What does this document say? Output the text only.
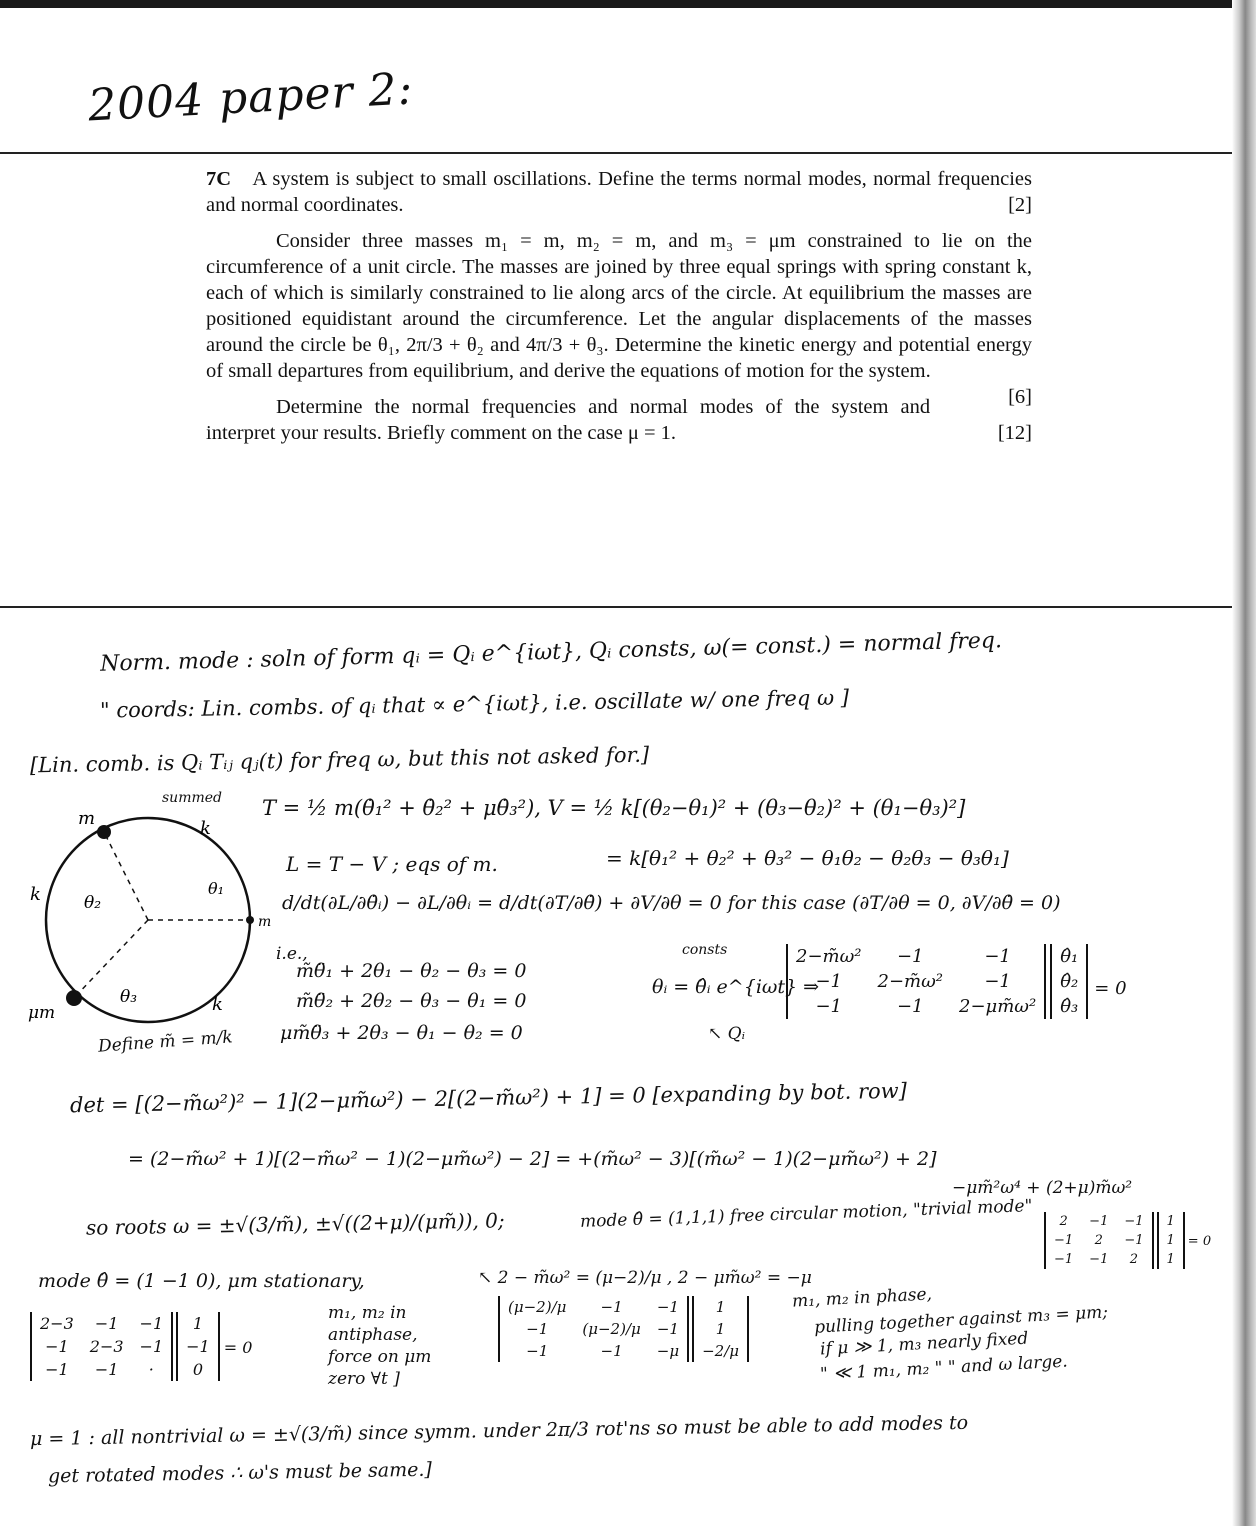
2004 paper 2:

7C A system is subject to small oscillations. Define the terms normal modes, normal frequencies and normal coordinates.	[2]

Consider three masses m₁ = m, m₂ = m, and m₃ = μm constrained to lie on the circumference of a unit circle. The masses are joined by three equal springs with spring constant k, each of which is similarly constrained to lie along arcs of the circle. At equilibrium the masses are positioned equidistant around the circumference. Let the angular displacements of the masses around the circle be θ₁, 2π/3 + θ₂ and 4π/3 + θ₃. Determine the kinetic energy and potential energy of small departures from equilibrium, and derive the equations of motion for the system.
[6]

Determine the normal frequencies and normal modes of the system and interpret your results. Briefly comment on the case μ = 1.	[12]

Norm. mode : soln of form qᵢ = Qᵢ e^{iωt}, Qᵢ consts, ω(= const.) = normal freq.
" coords: Lin. combs. of qᵢ that ∝ e^{iωt}, i.e. oscillate w/ one freq ω ]
[Lin. comb. is Qᵢ Tᵢⱼ qⱼ(t) for freq ω, but this not asked for.]
summed T = ½ m(θ̇₁² + θ̇₂² + μθ̇₃²), V = ½ k[(θ₂−θ₁)² + (θ₃−θ₂)² + (θ₁−θ₃)²]
L = T − V ; eqs of m.	= k[θ₁² + θ₂² + θ₃² − θ₁θ₂ − θ₂θ₃ − θ₃θ₁]
d/dt(∂L/∂θ̇ᵢ) − ∂L/∂θᵢ = d/dt(∂T/∂θ̇) + ∂V/∂θ = 0 for this case (∂T/∂θ = 0, ∂V/∂θ̇ = 0)
i.e.,
m̃θ̈₁ + 2θ₁ − θ₂ − θ₃ = 0
m̃θ̈₂ + 2θ₂ − θ₃ − θ₁ = 0
μm̃θ̈₃ + 2θ₃ − θ₁ − θ₂ = 0
Define m̃ = m/k
consts
θᵢ = θ̂ᵢ e^{iωt} ⇒
↖ Qᵢ
2−m̃ω²	−1	−1
−1	2−m̃ω²	−1
−1	−1	2−μm̃ω²
θ̂₁
θ̂₂
θ̂₃
= 0
det = [(2−m̃ω²)² − 1](2−μm̃ω²) − 2[(2−m̃ω²) + 1] = 0 [expanding by bot. row]
= (2−m̃ω² + 1)[(2−m̃ω² − 1)(2−μm̃ω²) − 2] = +(m̃ω² − 3)[(m̃ω² − 1)(2−μm̃ω²) + 2]
−μm̃²ω⁴ + (2+μ)m̃ω²
so roots ω = ±√(3/m̃), ±√((2+μ)/(μm̃)), 0;	mode θ̂ = (1,1,1) free circular motion, "trivial mode" 2	−1	−1
−1	2	−1
−1	−1	2
1
1
1
= 0
mode θ̂ = (1 −1 0), μm stationary,	↖ 2 − m̃ω² = (μ−2)/μ , 2 − μm̃ω² = −μ
2−3	−1	−1
−1	2−3	−1
−1	−1	·
1
−1
0
= 0
m₁, m₂ in antiphase, force on μm zero ∀t ]
(μ−2)/μ	−1	−1
−1	(μ−2)/μ	−1
−1	−1	−μ
1
1
−2/μ
m₁, m₂ in phase,
pulling together against m₃ = μm;
if μ ≫ 1, m₃ nearly fixed
" ≪ 1 m₁, m₂ " " and ω large.
μ = 1 : all nontrivial ω = ±√(3/m̃) since symm. under 2π/3 rot'ns so must be able to add modes to
get rotated modes ∴ ω's must be same.]
m	k
k	θ₁
θ₂
θ₃
m
k
μm
